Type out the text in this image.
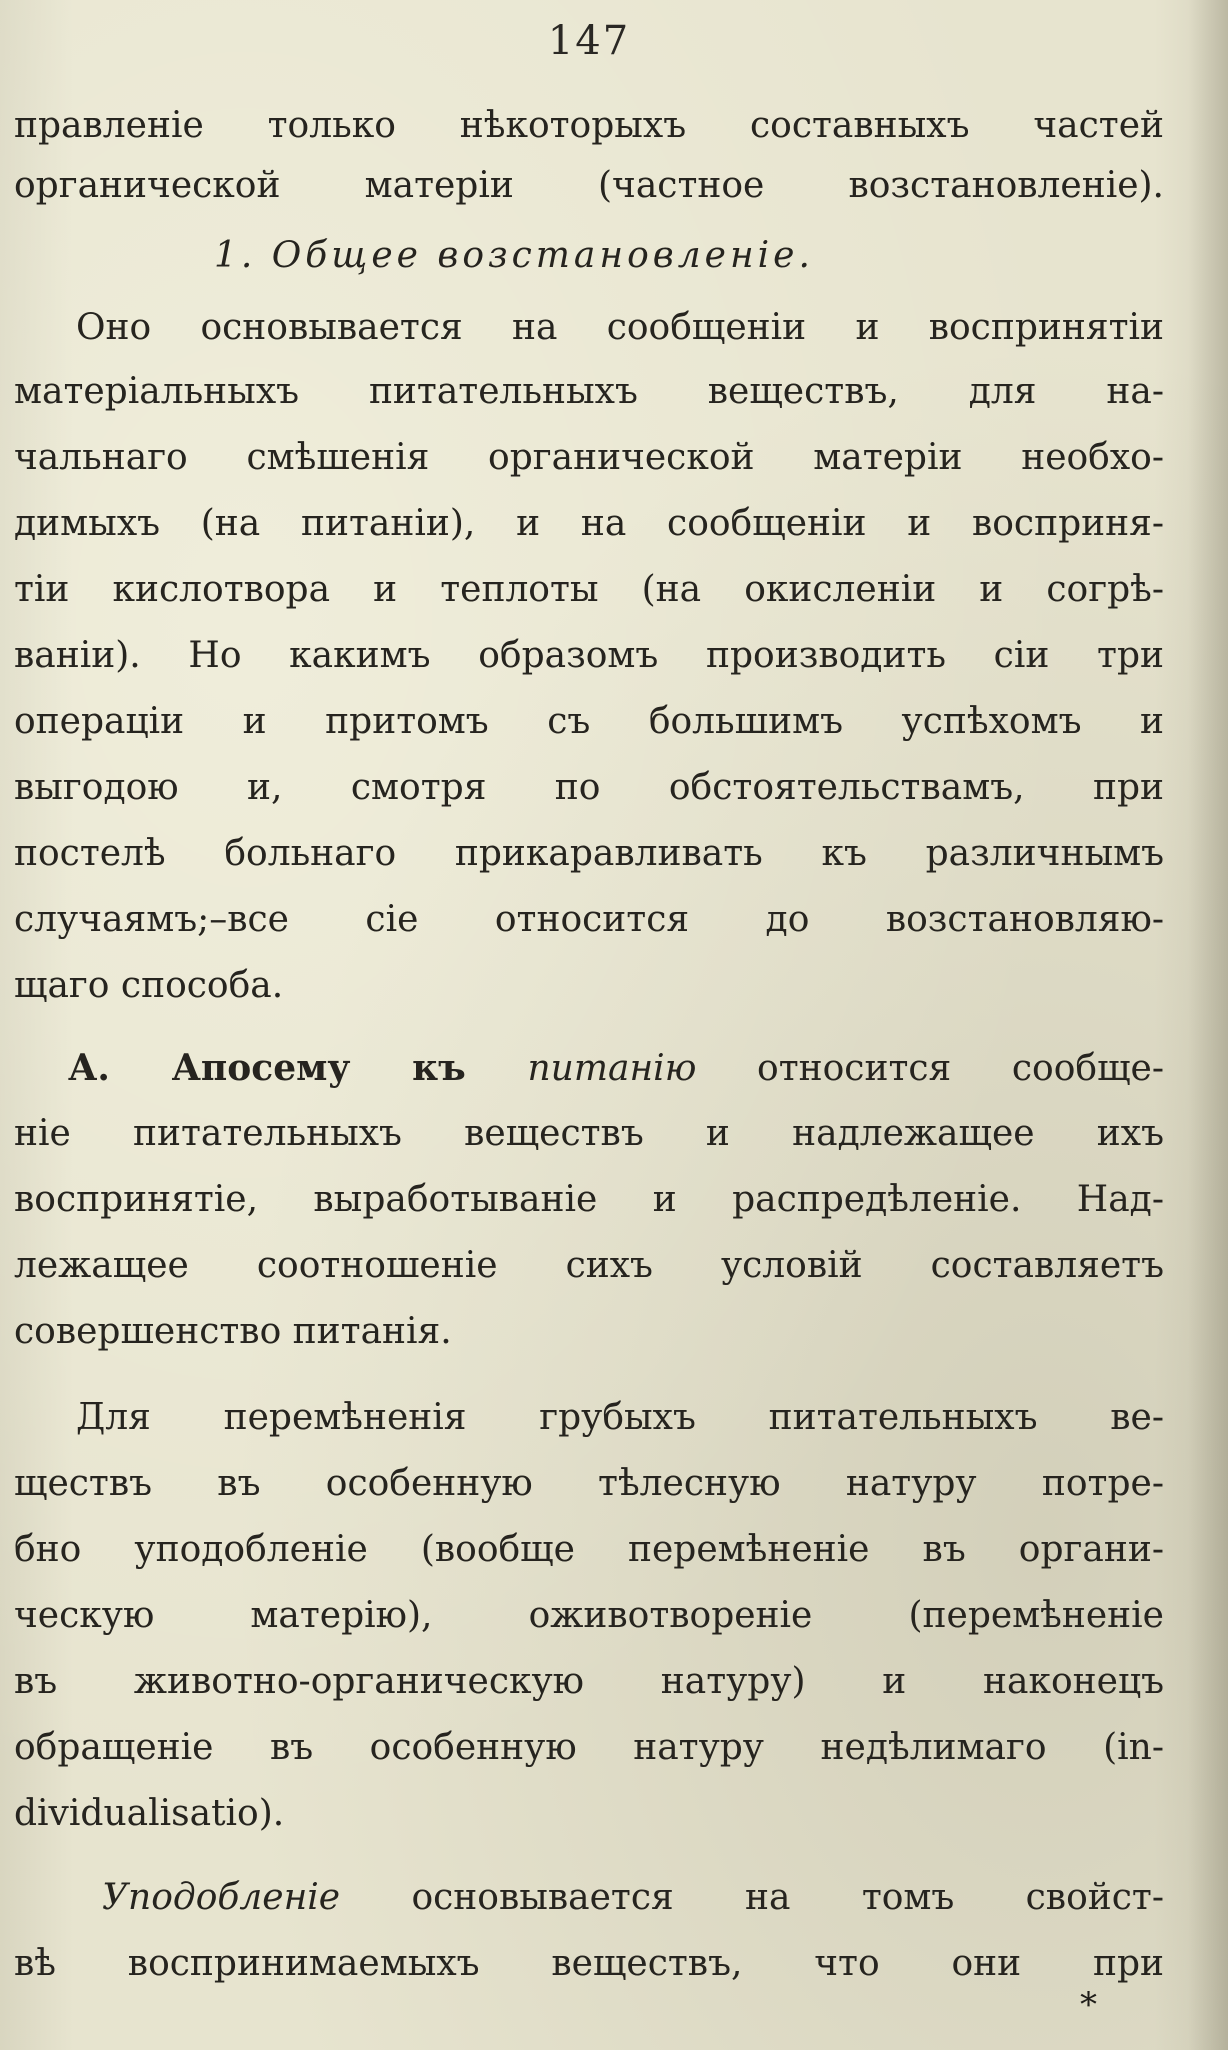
147
правленіе только нѣкоторыхъ составныхъ частей
органической матеріи (частное возстановленіе).
1. Общее возстановленіе.
Оно основывается на сообщеніи и воспринятіи
матеріальныхъ питательныхъ веществъ, для на-
чальнаго смѣшенія органической матеріи необхо-
димыхъ (на питаніи), и на сообщеніи и восприня-
тіи кислотвора и теплоты (на окисленіи и согрѣ-
ваніи). Но какимъ образомъ производить сіи три
операціи и притомъ съ большимъ успѣхомъ и
выгодою и, смотря по обстоятельствамъ, при
постелѣ больнаго прикаравливать къ различнымъ
случаямъ;–все сіе относится до возстановляю-
щаго способа.
А. Апосему къ питанію относится сообще-
ніе питательныхъ веществъ и надлежащее ихъ
воспринятіе, выработываніе и распредѣленіе. Над-
лежащее соотношеніе сихъ условій составляетъ
совершенство питанія.
Для перемѣненія грубыхъ питательныхъ ве-
ществъ въ особенную тѣлесную натуру потре-
бно уподобленіе (вообще перемѣненіе въ органи-
ческую матерію), оживотвореніе (перемѣненіе
въ животно-органическую натуру) и наконецъ
обращеніе въ особенную натуру недѣлимаго (in-
dividualisatio).
Уподобленіе основывается на томъ свойст-
вѣ воспринимаемыхъ веществъ, что они при
*
